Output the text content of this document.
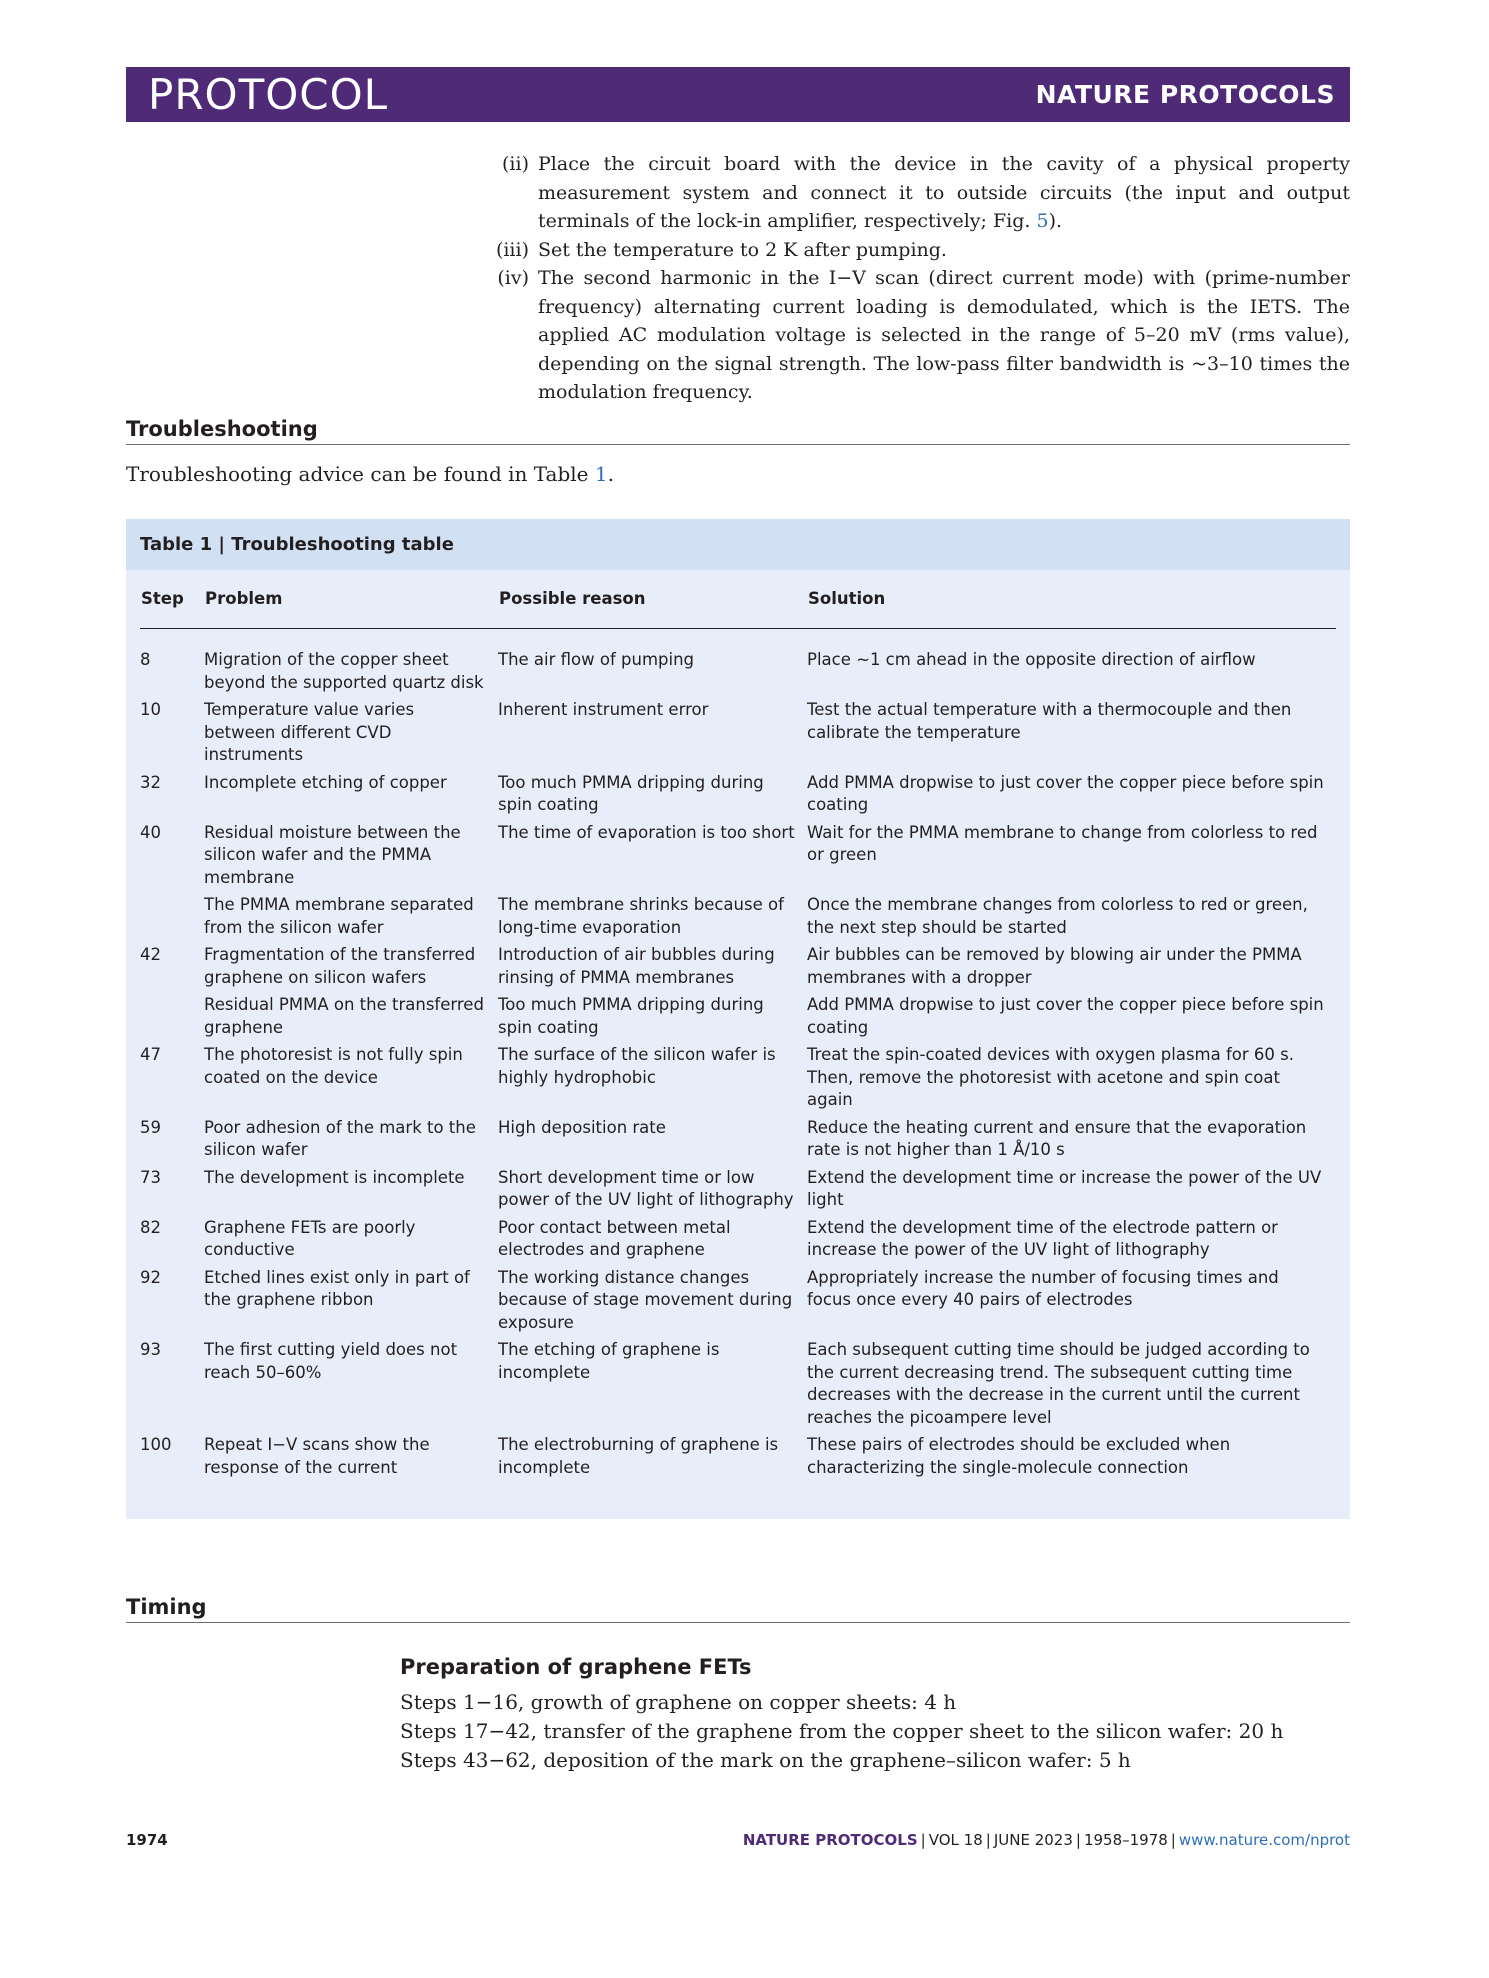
PROTOCOL	NATURE PROTOCOLS
(ii) Place the circuit board with the device in the cavity of a physical property measurement system and connect it to outside circuits (the input and output terminals of the lock-in amplifier, respectively; Fig. 5).
(iii) Set the temperature to 2 K after pumping.
(iv) The second harmonic in the I−V scan (direct current mode) with (prime-number frequency) alternating current loading is demodulated, which is the IETS. The applied AC modulation voltage is selected in the range of 5–20 mV (rms value), depending on the signal strength. The low-pass filter bandwidth is ~3–10 times the modulation frequency.
Troubleshooting
Troubleshooting advice can be found in Table 1.
Table 1 | Troubleshooting table
Step	Problem	Possible reason	Solution
8	Migration of the copper sheet beyond the supported quartz disk	The air flow of pumping	Place ~1 cm ahead in the opposite direction of airflow
10	Temperature value varies between different CVD instruments	Inherent instrument error	Test the actual temperature with a thermocouple and then calibrate the temperature
32	Incomplete etching of copper	Too much PMMA dripping during spin coating	Add PMMA dropwise to just cover the copper piece before spin coating
40	Residual moisture between the silicon wafer and the PMMA membrane	The time of evaporation is too short	Wait for the PMMA membrane to change from colorless to red or green
	The PMMA membrane separated from the silicon wafer	The membrane shrinks because of long-time evaporation	Once the membrane changes from colorless to red or green, the next step should be started
42	Fragmentation of the transferred graphene on silicon wafers	Introduction of air bubbles during rinsing of PMMA membranes	Air bubbles can be removed by blowing air under the PMMA membranes with a dropper
	Residual PMMA on the transferred graphene	Too much PMMA dripping during spin coating	Add PMMA dropwise to just cover the copper piece before spin coating
47	The photoresist is not fully spin coated on the device	The surface of the silicon wafer is highly hydrophobic	Treat the spin-coated devices with oxygen plasma for 60 s. Then, remove the photoresist with acetone and spin coat again
59	Poor adhesion of the mark to the silicon wafer	High deposition rate	Reduce the heating current and ensure that the evaporation rate is not higher than 1 Å/10 s
73	The development is incomplete	Short development time or low power of the UV light of lithography	Extend the development time or increase the power of the UV light
82	Graphene FETs are poorly conductive	Poor contact between metal electrodes and graphene	Extend the development time of the electrode pattern or increase the power of the UV light of lithography
92	Etched lines exist only in part of the graphene ribbon	The working distance changes because of stage movement during exposure	Appropriately increase the number of focusing times and focus once every 40 pairs of electrodes
93	The first cutting yield does not reach 50–60%	The etching of graphene is incomplete	Each subsequent cutting time should be judged according to the current decreasing trend. The subsequent cutting time decreases with the decrease in the current until the current reaches the picoampere level
100	Repeat I−V scans show the response of the current	The electroburning of graphene is incomplete	These pairs of electrodes should be excluded when characterizing the single-molecule connection
Timing
Preparation of graphene FETs
Steps 1−16, growth of graphene on copper sheets: 4 h
Steps 17−42, transfer of the graphene from the copper sheet to the silicon wafer: 20 h
Steps 43−62, deposition of the mark on the graphene–silicon wafer: 5 h
1974	NATURE PROTOCOLS | VOL 18 | JUNE 2023 | 1958–1978 | www.nature.com/nprot
